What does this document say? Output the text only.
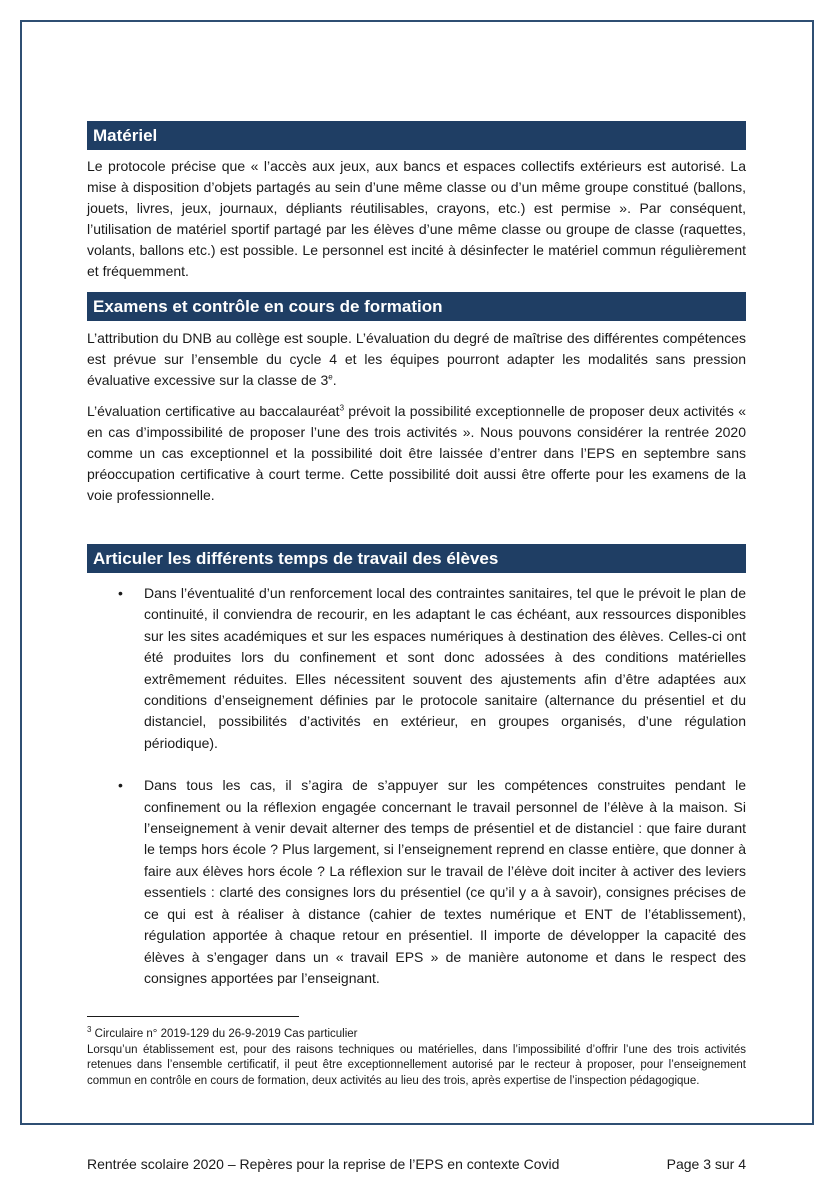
Matériel

Le protocole précise que « l’accès aux jeux, aux bancs et espaces collectifs extérieurs est autorisé. La mise à disposition d’objets partagés au sein d’une même classe ou d’un même groupe constitué (ballons, jouets, livres, jeux, journaux, dépliants réutilisables, crayons, etc.) est permise ». Par conséquent, l’utilisation de matériel sportif partagé par les élèves d’une même classe ou groupe de classe (raquettes, volants, ballons etc.) est possible. Le personnel est incité à désinfecter le matériel commun régulièrement et fréquemment.

Examens et contrôle en cours de formation

L’attribution du DNB au collège est souple. L’évaluation du degré de maîtrise des différentes compétences est prévue sur l’ensemble du cycle 4 et les équipes pourront adapter les modalités sans pression évaluative excessive sur la classe de 3e.

L’évaluation certificative au baccalauréat$^3$ prévoit la possibilité exceptionnelle de proposer deux activités « en cas d’impossibilité de proposer l’une des trois activités ». Nous pouvons considérer la rentrée 2020 comme un cas exceptionnel et la possibilité doit être laissée d’entrer dans l’EPS en septembre sans préoccupation certificative à court terme. Cette possibilité doit aussi être offerte pour les examens de la voie professionnelle.

Articuler les différents temps de travail des élèves
• Dans l’éventualité d’un renforcement local des contraintes sanitaires, tel que le prévoit le plan de continuité, il conviendra de recourir, en les adaptant le cas échéant, aux ressources disponibles sur les sites académiques et sur les espaces numériques à destination des élèves. Celles-ci ont été produites lors du confinement et sont donc adossées à des conditions matérielles extrêmement réduites. Elles nécessitent souvent des ajustements afin d’être adaptées aux conditions d’enseignement définies par le protocole sanitaire (alternance du présentiel et du distanciel, possibilités d’activités en extérieur, en groupes organisés, d’une régulation périodique).
• Dans tous les cas, il s’agira de s’appuyer sur les compétences construites pendant le confinement ou la réflexion engagée concernant le travail personnel de l’élève à la maison. Si l’enseignement à venir devait alterner des temps de présentiel et de distanciel : que faire durant le temps hors école ? Plus largement, si l’enseignement reprend en classe entière, que donner à faire aux élèves hors école ? La réflexion sur le travail de l’élève doit inciter à activer des leviers essentiels : clarté des consignes lors du présentiel (ce qu’il y a à savoir), consignes précises de ce qui est à réaliser à distance (cahier de textes numérique et ENT de l’établissement), régulation apportée à chaque retour en présentiel. Il importe de développer la capacité des élèves à s’engager dans un « travail EPS » de manière autonome et dans le respect des consignes apportées par l’enseignant.
$^3$ Circulaire n° 2019-129 du 26-9-2019 Cas particulier
Lorsqu’un établissement est, pour des raisons techniques ou matérielles, dans l’impossibilité d’offrir l’une des trois activités retenues dans l’ensemble certificatif, il peut être exceptionnellement autorisé par le recteur à proposer, pour l’enseignement commun en contrôle en cours de formation, deux activités au lieu des trois, après expertise de l’inspection pédagogique.
Rentrée scolaire 2020 – Repères pour la reprise de l’EPS en contexte Covid	Page 3 sur 4
